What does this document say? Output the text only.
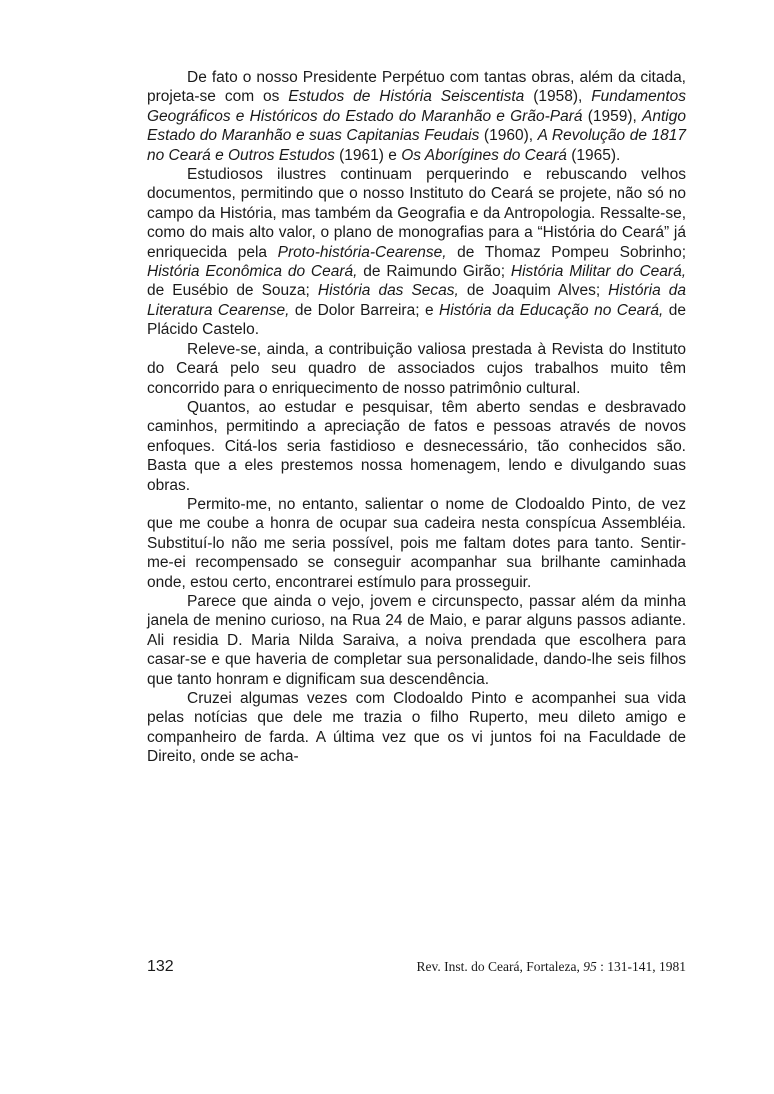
De fato o nosso Presidente Perpétuo com tantas obras, além da citada, projeta-se com os Estudos de História Seiscentista (1958), Fundamentos Geográficos e Históricos do Estado do Maranhão e Grão-Pará (1959), Antigo Estado do Maranhão e suas Capitanias Feudais (1960), A Revolução de 1817 no Ceará e Outros Estudos (1961) e Os Aborígines do Ceará (1965).

Estudiosos ilustres continuam perquerindo e rebuscando velhos documentos, permitindo que o nosso Instituto do Ceará se projete, não só no campo da História, mas também da Geografia e da Antropologia. Ressalte-se, como do mais alto valor, o plano de monografias para a “História do Ceará” já enriquecida pela Proto-história-Cearense, de Thomaz Pompeu Sobrinho; História Econômica do Ceará, de Raimundo Girão; História Militar do Ceará, de Eusébio de Souza; História das Secas, de Joaquim Alves; História da Literatura Cearense, de Dolor Barreira; e História da Educação no Ceará, de Plácido Castelo.

Releve-se, ainda, a contribuição valiosa prestada à Revista do Instituto do Ceará pelo seu quadro de associados cujos trabalhos muito têm concorrido para o enriquecimento de nosso patrimônio cultural.

Quantos, ao estudar e pesquisar, têm aberto sendas e desbravado caminhos, permitindo a apreciação de fatos e pessoas através de novos enfoques. Citá-los seria fastidioso e desnecessário, tão conhecidos são. Basta que a eles prestemos nossa homenagem, lendo e divulgando suas obras.

Permito-me, no entanto, salientar o nome de Clodoaldo Pinto, de vez que me coube a honra de ocupar sua cadeira nesta conspícua Assembléia. Substituí-lo não me seria possível, pois me faltam dotes para tanto. Sentir-me-ei recompensado se conseguir acompanhar sua brilhante caminhada onde, estou certo, encontrarei estímulo para prosseguir.

Parece que ainda o vejo, jovem e circunspecto, passar além da minha janela de menino curioso, na Rua 24 de Maio, e parar alguns passos adiante. Ali residia D. Maria Nilda Saraiva, a noiva prendada que escolhera para casar-se e que haveria de completar sua personalidade, dando-lhe seis filhos que tanto honram e dignificam sua descendência.

Cruzei algumas vezes com Clodoaldo Pinto e acompanhei sua vida pelas notícias que dele me trazia o filho Ruperto, meu dileto amigo e companheiro de farda. A última vez que os vi juntos foi na Faculdade de Direito, onde se acha-

132	Rev. Inst. do Ceará, Fortaleza, 95 : 131-141, 1981
